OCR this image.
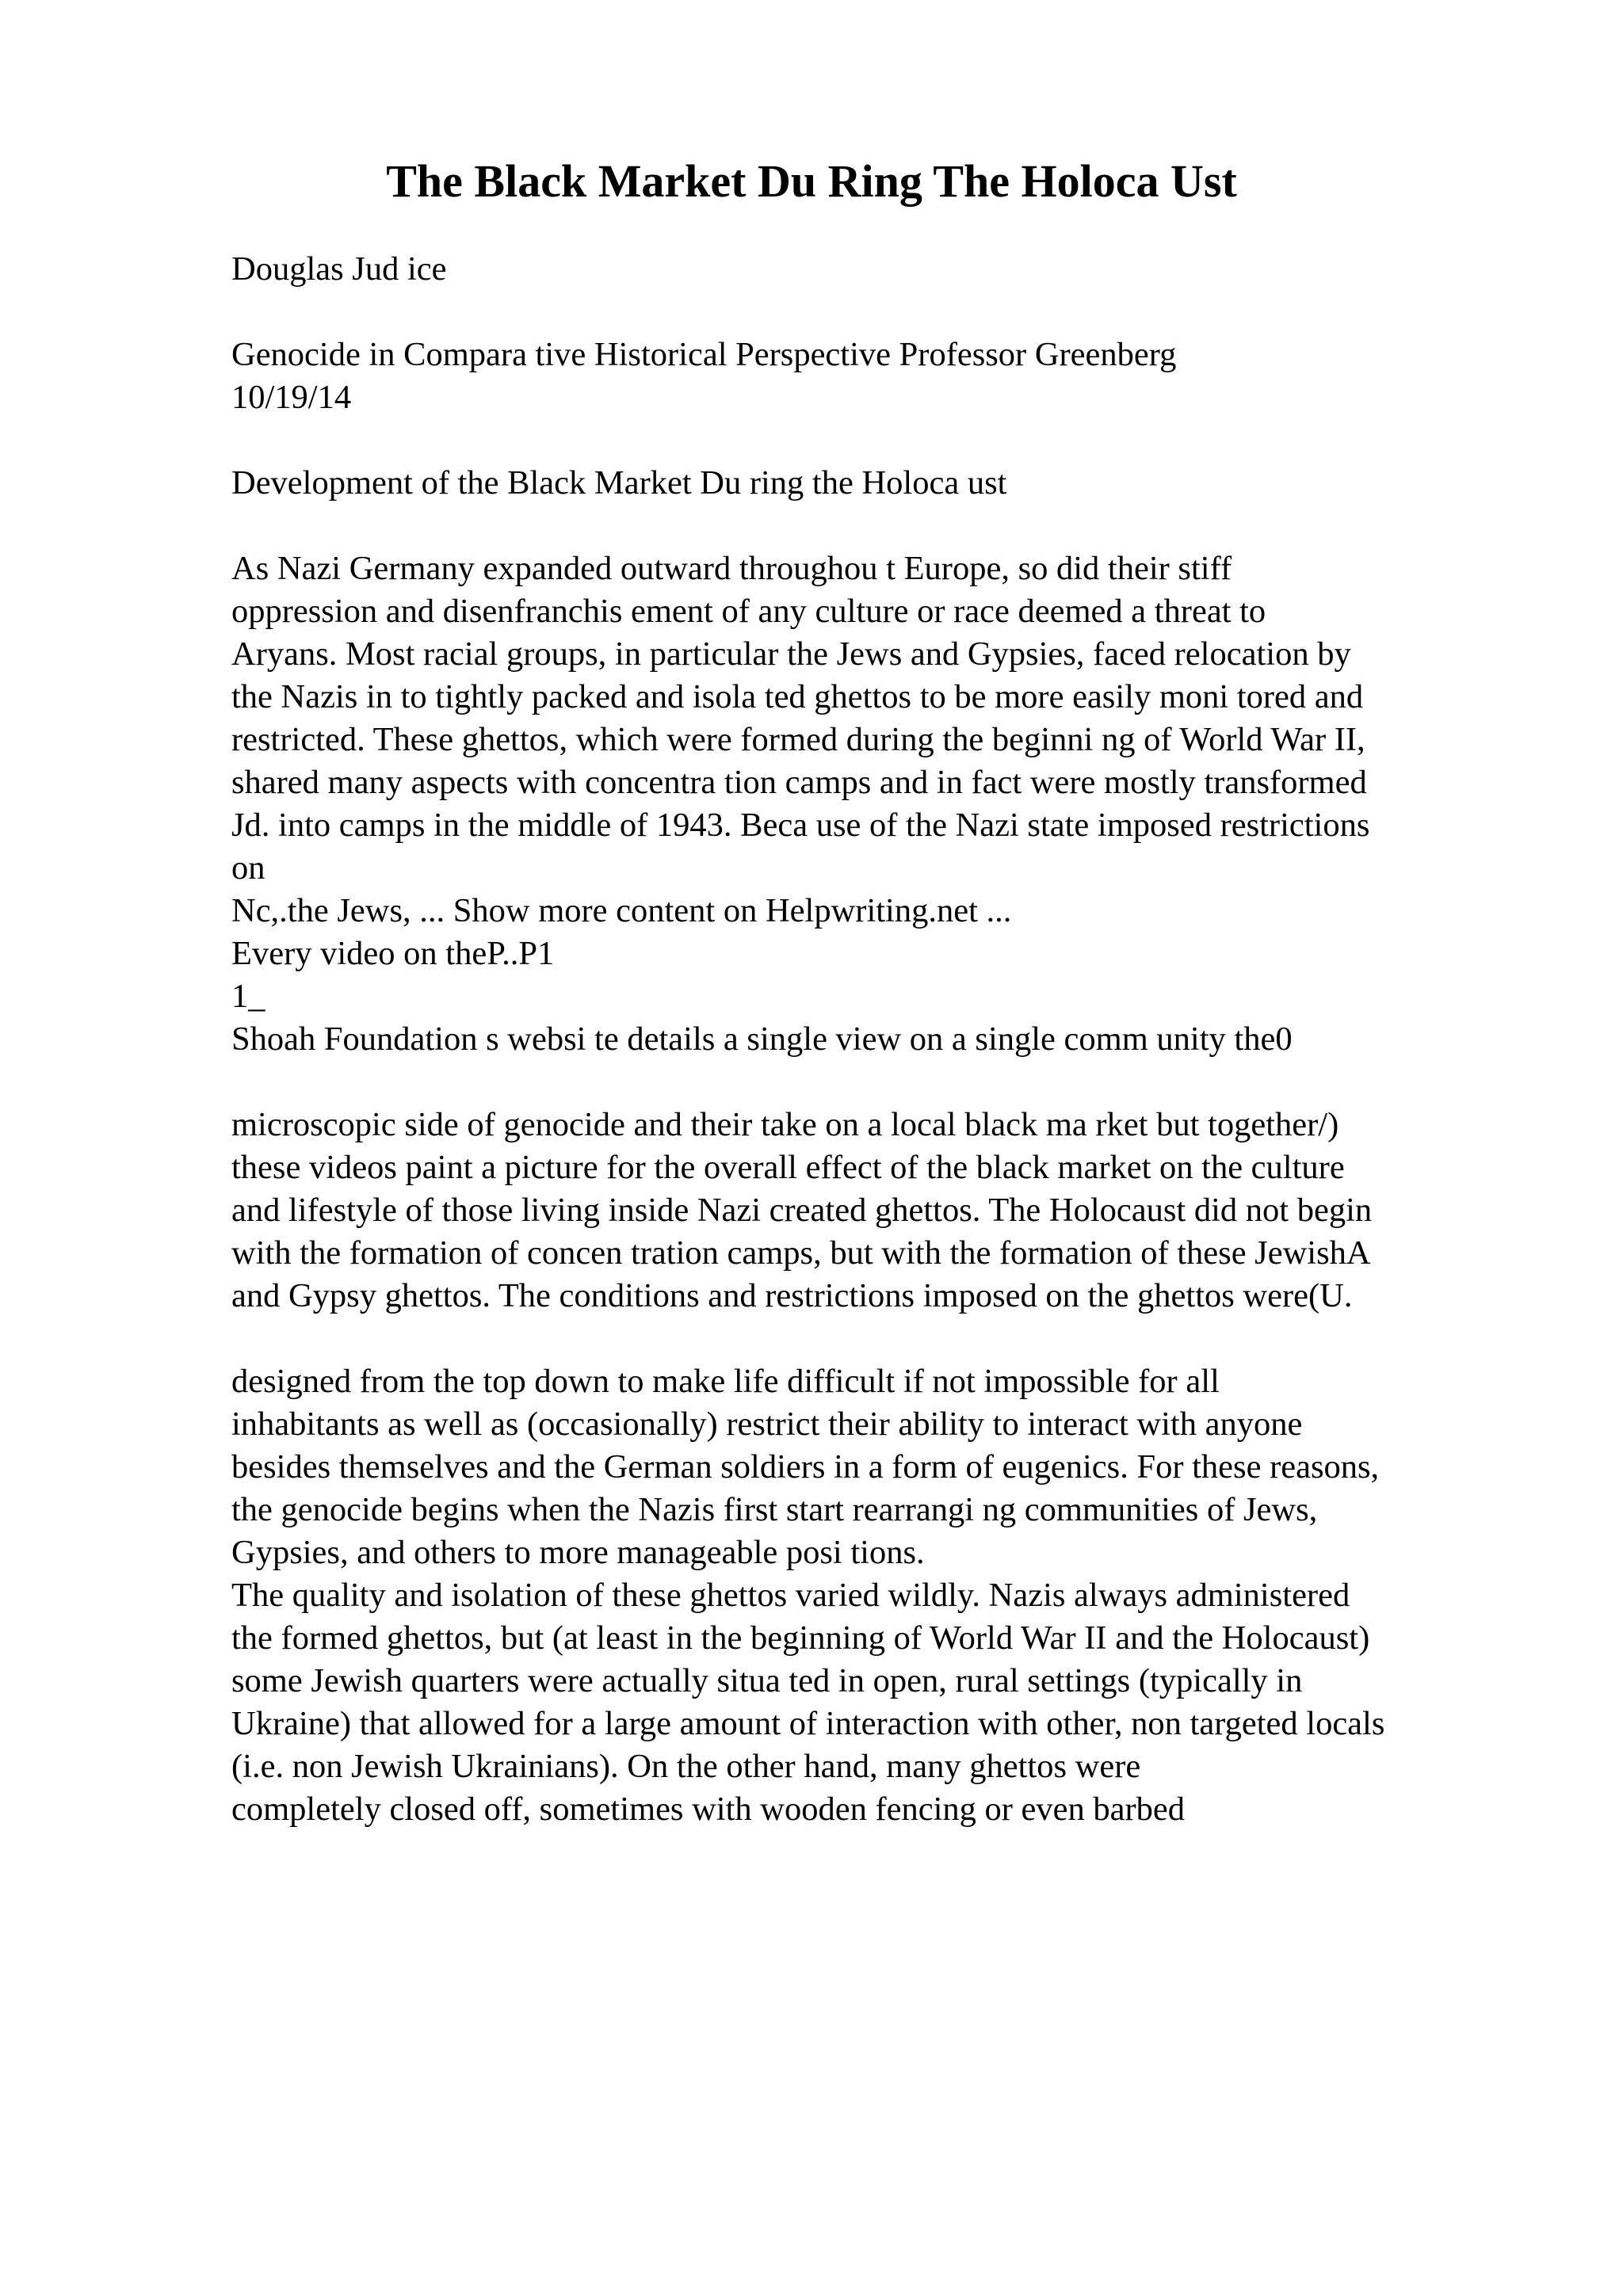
The Black Market Du Ring The Holoca Ust

Douglas Jud ice

Genocide in Compara tive Historical Perspective Professor Greenberg

10/19/14

Development of the Black Market Du ring the Holoca ust

As Nazi Germany expanded outward throughou t Europe, so did their stiff

oppression and disenfranchis ement of any culture or race deemed a threat to

Aryans. Most racial groups, in particular the Jews and Gypsies, faced relocation by

the Nazis in to tightly packed and isola ted ghettos to be more easily moni tored and

restricted. These ghettos, which were formed during the beginni ng of World War II,

shared many aspects with concentra tion camps and in fact were mostly transformed

Jd. into camps in the middle of 1943. Beca use of the Nazi state imposed restrictions

on

Nc,.the Jews, ... Show more content on Helpwriting.net ...

Every video on theP..P1

1_

Shoah Foundation s websi te details a single view on a single comm unity the0

microscopic side of genocide and their take on a local black ma rket but together/)

these videos paint a picture for the overall effect of the black market on the culture

and lifestyle of those living inside Nazi created ghettos. The Holocaust did not begin

with the formation of concen tration camps, but with the formation of these JewishA

and Gypsy ghettos. The conditions and restrictions imposed on the ghettos were(U.

designed from the top down to make life difficult if not impossible for all

inhabitants as well as (occasionally) restrict their ability to interact with anyone

besides themselves and the German soldiers in a form of eugenics. For these reasons,

the genocide begins when the Nazis first start rearrangi ng communities of Jews,

Gypsies, and others to more manageable posi tions.

The quality and isolation of these ghettos varied wildly. Nazis always administered

the formed ghettos, but (at least in the beginning of World War II and the Holocaust)

some Jewish quarters were actually situa ted in open, rural settings (typically in

Ukraine) that allowed for a large amount of interaction with other, non targeted locals

(i.e. non Jewish Ukrainians). On the other hand, many ghettos were

completely closed off, sometimes with wooden fencing or even barbed
